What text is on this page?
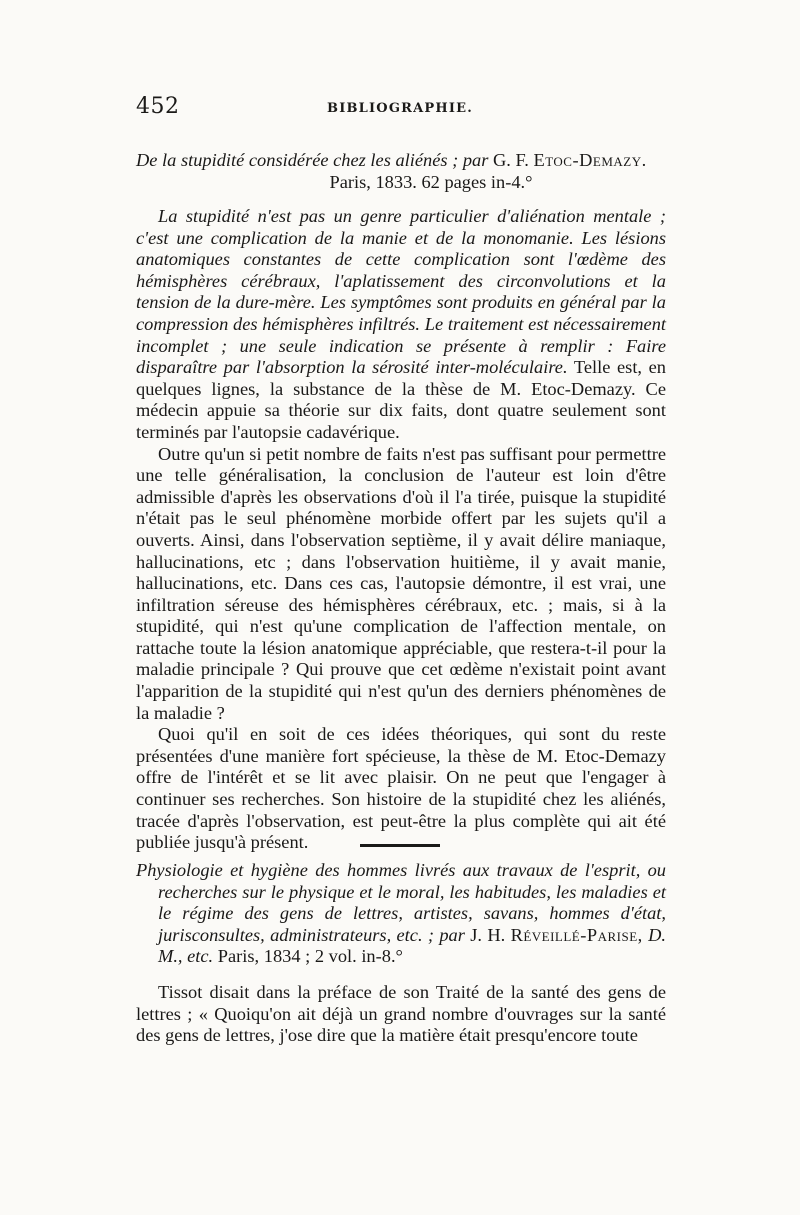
452	BIBLIOGRAPHIE.

De la stupidité considérée chez les aliénés ; par G. F. Etoc-Demazy.
Paris, 1833. 62 pages in-4.°

La stupidité n'est pas un genre particulier d'aliénation mentale ; c'est une complication de la manie et de la monomanie. Les lésions anatomiques constantes de cette complication sont l'œdème des hémisphères cérébraux, l'aplatissement des circonvolutions et la tension de la dure-mère. Les symptômes sont produits en général par la compression des hémisphères infiltrés. Le traitement est nécessairement incomplet ; une seule indication se présente à remplir : Faire disparaître par l'absorption la sérosité inter-moléculaire. Telle est, en quelques lignes, la substance de la thèse de M. Etoc-Demazy. Ce médecin appuie sa théorie sur dix faits, dont quatre seulement sont terminés par l'autopsie cadavérique.

Outre qu'un si petit nombre de faits n'est pas suffisant pour permettre une telle généralisation, la conclusion de l'auteur est loin d'être admissible d'après les observations d'où il l'a tirée, puisque la stupidité n'était pas le seul phénomène morbide offert par les sujets qu'il a ouverts. Ainsi, dans l'observation septième, il y avait délire maniaque, hallucinations, etc ; dans l'observation huitième, il y avait manie, hallucinations, etc. Dans ces cas, l'autopsie démontre, il est vrai, une infiltration séreuse des hémisphères cérébraux, etc. ; mais, si à la stupidité, qui n'est qu'une complication de l'affection mentale, on rattache toute la lésion anatomique appréciable, que restera-t-il pour la maladie principale ? Qui prouve que cet œdème n'existait point avant l'apparition de la stupidité qui n'est qu'un des derniers phénomènes de la maladie ?

Quoi qu'il en soit de ces idées théoriques, qui sont du reste présentées d'une manière fort spécieuse, la thèse de M. Etoc-Demazy offre de l'intérêt et se lit avec plaisir. On ne peut que l'engager à continuer ses recherches. Son histoire de la stupidité chez les aliénés, tracée d'après l'observation, est peut-être la plus complète qui ait été publiée jusqu'à présent.

Physiologie et hygiène des hommes livrés aux travaux de l'esprit, ou recherches sur le physique et le moral, les habitudes, les maladies et le régime des gens de lettres, artistes, savans, hommes d'état, jurisconsultes, administrateurs, etc. ; par J. H. Réveillé-Parise, D. M., etc. Paris, 1834 ; 2 vol. in-8.°

Tissot disait dans la préface de son Traité de la santé des gens de lettres ; « Quoiqu'on ait déjà un grand nombre d'ouvrages sur la santé des gens de lettres, j'ose dire que la matière était presqu'encore toute
